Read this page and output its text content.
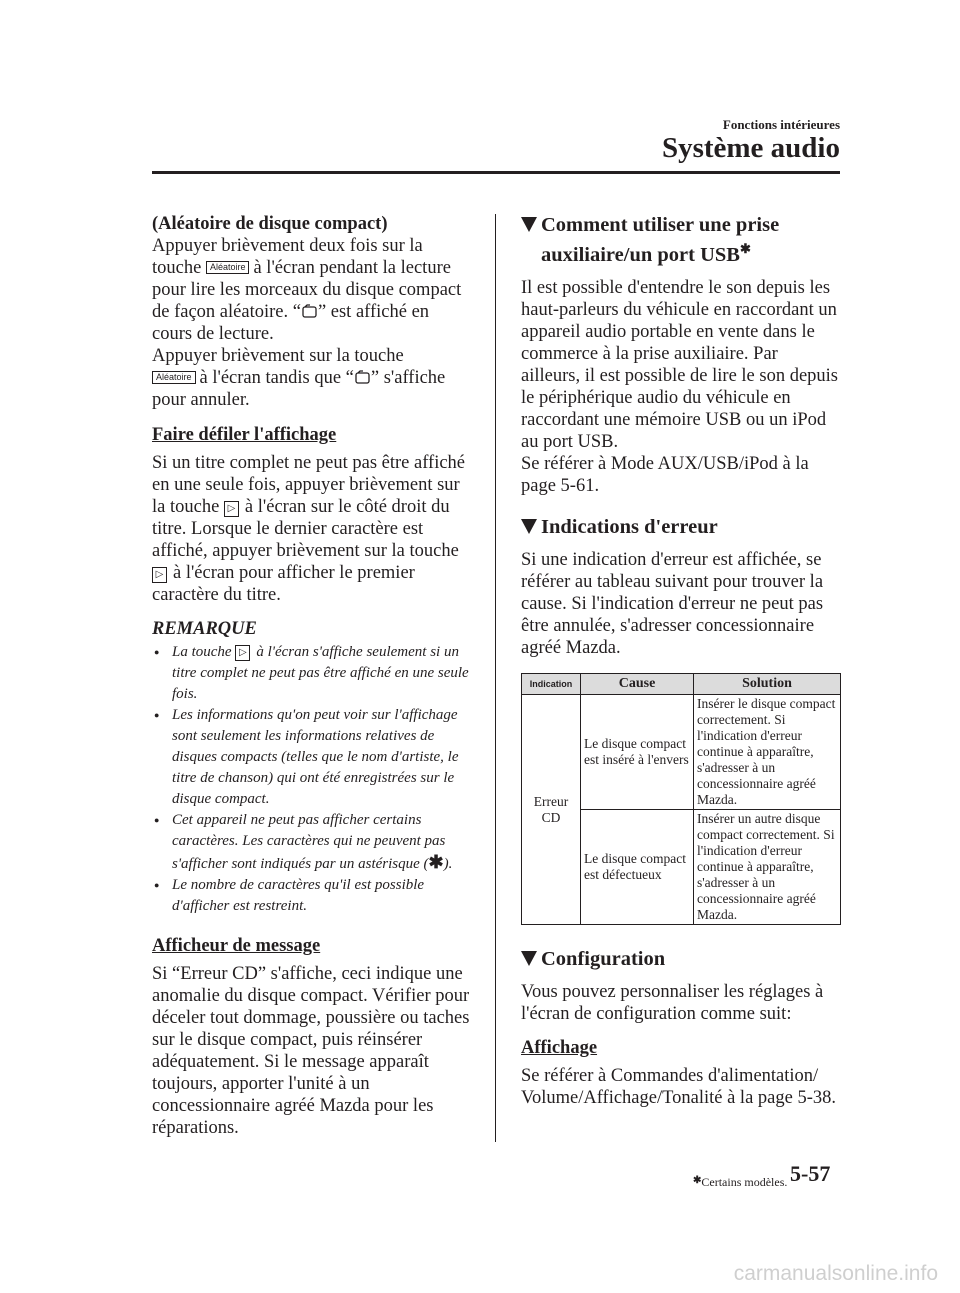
Fonctions intérieures
Système audio

(Aléatoire de disque compact)

Appuyer brièvement deux fois sur la touche Aléatoire à l'écran pendant la lecture pour lire les morceaux du disque compact de façon aléatoire. “ ” est affiché en cours de lecture.

Appuyer brièvement sur la touche
Aléatoire à l'écran tandis que “ ” s'affiche pour annuler.

Faire défiler l'affichage

Si un titre complet ne peut pas être affiché en une seule fois, appuyer brièvement sur la touche ▷ à l'écran sur le côté droit du titre. Lorsque le dernier caractère est affiché, appuyer brièvement sur la touche
▷ à l'écran pour afficher le premier caractère du titre.

REMARQUE

● La touche ▷ à l'écran s'affiche seulement si un titre complet ne peut pas être affiché en une seule fois.
● Les informations qu'on peut voir sur l'affichage sont seulement les informations relatives de disques compacts (telles que le nom d'artiste, le titre de chanson) qui ont été enregistrées sur le disque compact.
● Cet appareil ne peut pas afficher certains caractères. Les caractères qui ne peuvent pas s'afficher sont indiqués par un astérisque (✱).
● Le nombre de caractères qu'il est possible d'afficher est restreint.

Afficheur de message

Si “Erreur CD” s'affiche, ceci indique une anomalie du disque compact. Vérifier pour déceler tout dommage, poussière ou taches sur le disque compact, puis réinsérer adéquatement. Si le message apparaît toujours, apporter l'unité à un concessionnaire agréé Mazda pour les réparations.

Comment utiliser une prise auxiliaire/un port USB✱

Il est possible d'entendre le son depuis les haut-parleurs du véhicule en raccordant un appareil audio portable en vente dans le commerce à la prise auxiliaire. Par ailleurs, il est possible de lire le son depuis le périphérique audio du véhicule en raccordant une mémoire USB ou un iPod au port USB.

Se référer à Mode AUX/USB/iPod à la page 5-61.

Indications d'erreur

Si une indication d'erreur est affichée, se référer au tableau suivant pour trouver la cause. Si l'indication d'erreur ne peut pas être annulée, s'adresser concessionnaire agréé Mazda.

Indication	Cause	Solution
Erreur CD	Le disque compact est inséré à l'envers	Insérer le disque compact correctement. Si l'indication d'erreur continue à apparaître, s'adresser à un concessionnaire agréé Mazda.
	Le disque compact est défectueux	Insérer un autre disque compact correctement. Si l'indication d'erreur continue à apparaître, s'adresser à un concessionnaire agréé Mazda.
Configuration

Vous pouvez personnaliser les réglages à l'écran de configuration comme suit:

Affichage

Se référer à Commandes d'alimentation/ Volume/Affichage/Tonalité à la page 5-38.

✱Certains modèles. 5-57
carmanualsonline.info
